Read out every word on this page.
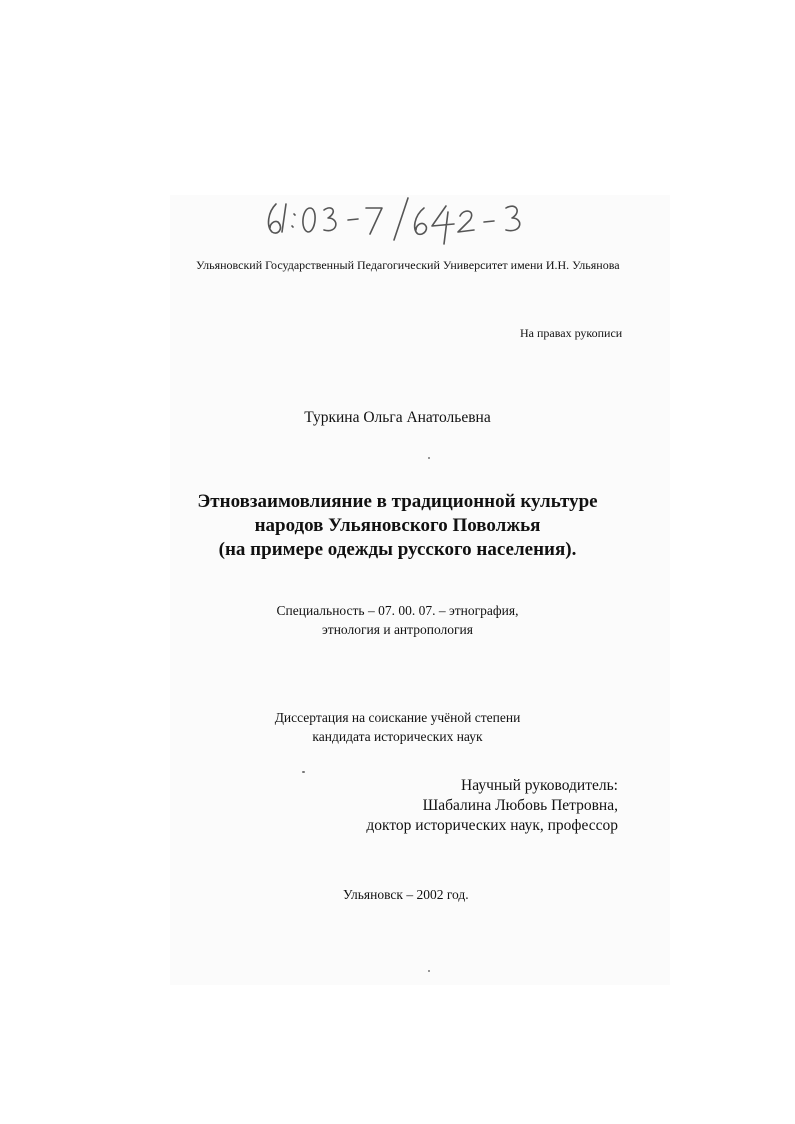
61:03-7/642-3
Ульяновский Государственный Педагогический Университет имени И.Н. Ульянова
На правах рукописи
Туркина Ольга Анатольевна
Этновзаимовлияние в традиционной культуре
народов Ульяновского Поволжья
(на примере одежды русского населения).
Специальность – 07. 00. 07. – этнография,
этнология и антропология
Диссертация на соискание учёной степени
кандидата исторических наук
Научный руководитель:
Шабалина Любовь Петровна,
доктор исторических наук, профессор
Ульяновск – 2002 год.
